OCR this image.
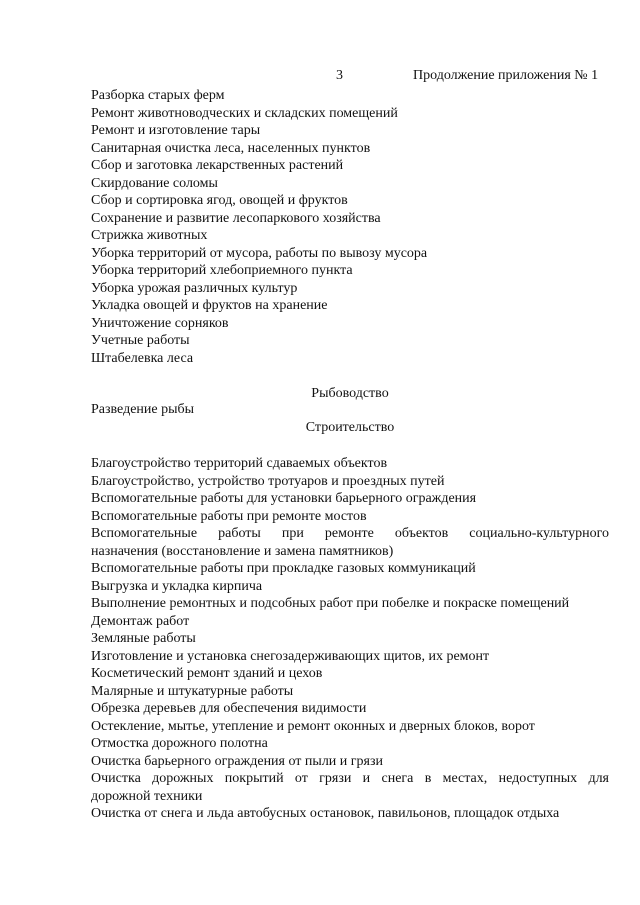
3	Продолжение приложения № 1
Разборка старых ферм
Ремонт животноводческих и складских помещений
Ремонт и изготовление тары
Санитарная очистка леса, населенных пунктов
Сбор и заготовка лекарственных растений
Скирдование соломы
Сбор и сортировка ягод, овощей и фруктов
Сохранение и развитие лесопаркового хозяйства
Стрижка животных
Уборка территорий от мусора, работы по вывозу мусора
Уборка территорий хлебоприемного пункта
Уборка урожая различных культур
Укладка овощей и фруктов на хранение
Уничтожение сорняков
Учетные работы
Штабелевка леса
Рыбоводство
Разведение рыбы
Строительство
Благоустройство территорий сдаваемых объектов
Благоустройство, устройство тротуаров и проездных путей
Вспомогательные работы для установки барьерного ограждения
Вспомогательные работы при ремонте мостов
Вспомогательные работы при ремонте объектов социально-культурного
назначения (восстановление и замена памятников)
Вспомогательные работы при прокладке газовых коммуникаций
Выгрузка и укладка кирпича
Выполнение ремонтных и подсобных работ при побелке и покраске помещений
Демонтаж работ
Земляные работы
Изготовление и установка снегозадерживающих щитов, их ремонт
Косметический ремонт зданий и цехов
Малярные и штукатурные работы
Обрезка деревьев для обеспечения видимости
Остекление, мытье, утепление и ремонт оконных и дверных блоков, ворот
Отмостка дорожного полотна
Очистка барьерного ограждения от пыли и грязи
Очистка дорожных покрытий от грязи и снега в местах, недоступных для
дорожной техники
Очистка от снега и льда автобусных остановок, павильонов, площадок отдыха
